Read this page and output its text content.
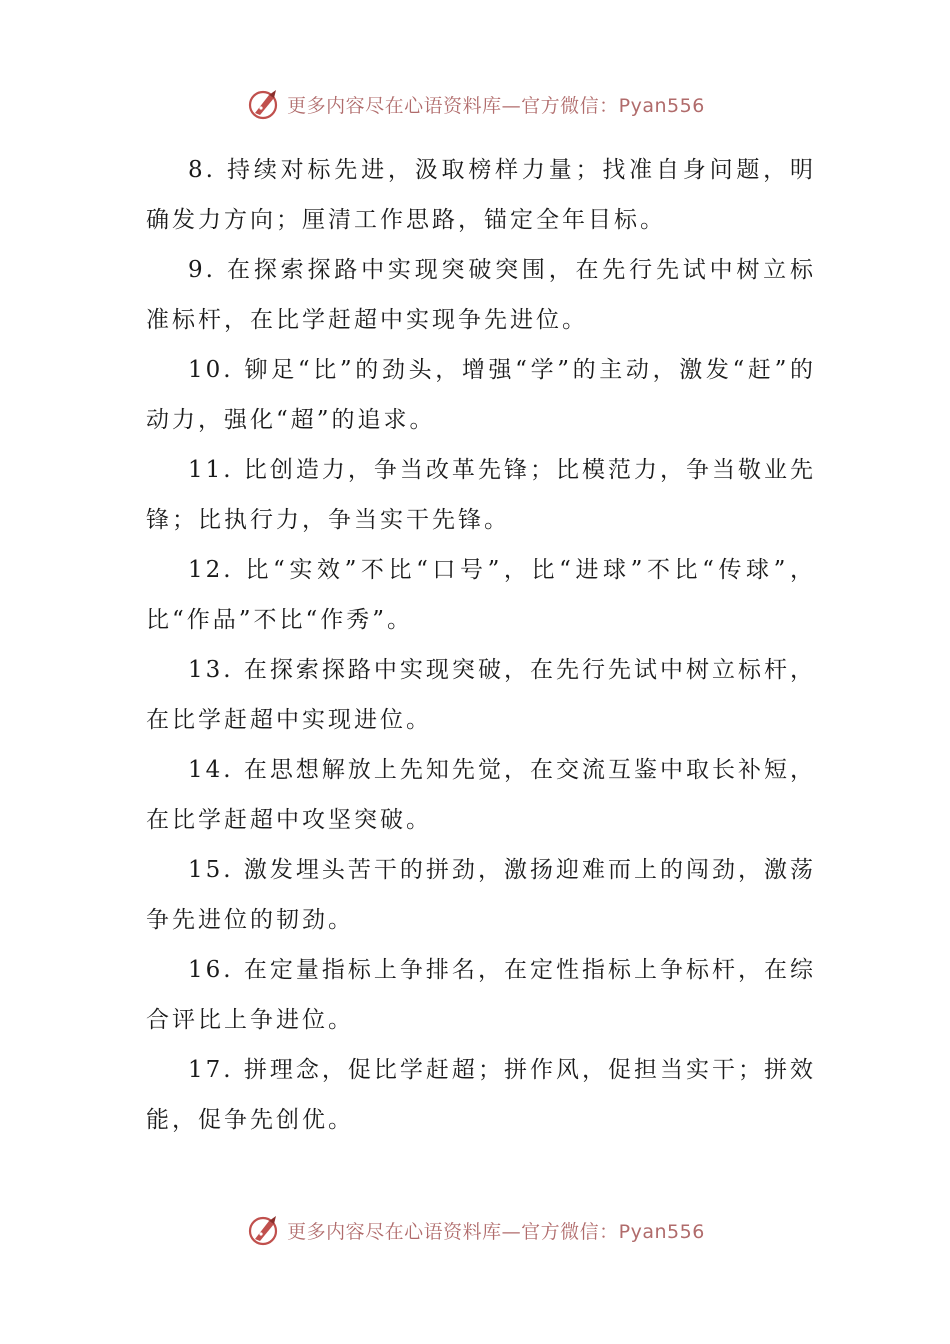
更多内容尽在心语资料库—官方微信：Pyan556

8. 持续对标先进，汲取榜样力量；找准自身问题，明确发力方向；厘清工作思路，锚定全年目标。

9. 在探索探路中实现突破突围，在先行先试中树立标准标杆，在比学赶超中实现争先进位。

10. 铆足“比”的劲头，增强“学”的主动，激发“赶”的动力，强化“超”的追求。

11. 比创造力，争当改革先锋；比模范力，争当敬业先锋；比执行力，争当实干先锋。

12. 比“实效”不比“口号”，比“进球”不比“传球”，比“作品”不比“作秀”。

13. 在探索探路中实现突破，在先行先试中树立标杆，在比学赶超中实现进位。

14. 在思想解放上先知先觉，在交流互鉴中取长补短，在比学赶超中攻坚突破。

15. 激发埋头苦干的拼劲，激扬迎难而上的闯劲，激荡争先进位的韧劲。

16. 在定量指标上争排名，在定性指标上争标杆，在综合评比上争进位。

17. 拼理念，促比学赶超；拼作风，促担当实干；拼效能，促争先创优。

更多内容尽在心语资料库—官方微信：Pyan556
